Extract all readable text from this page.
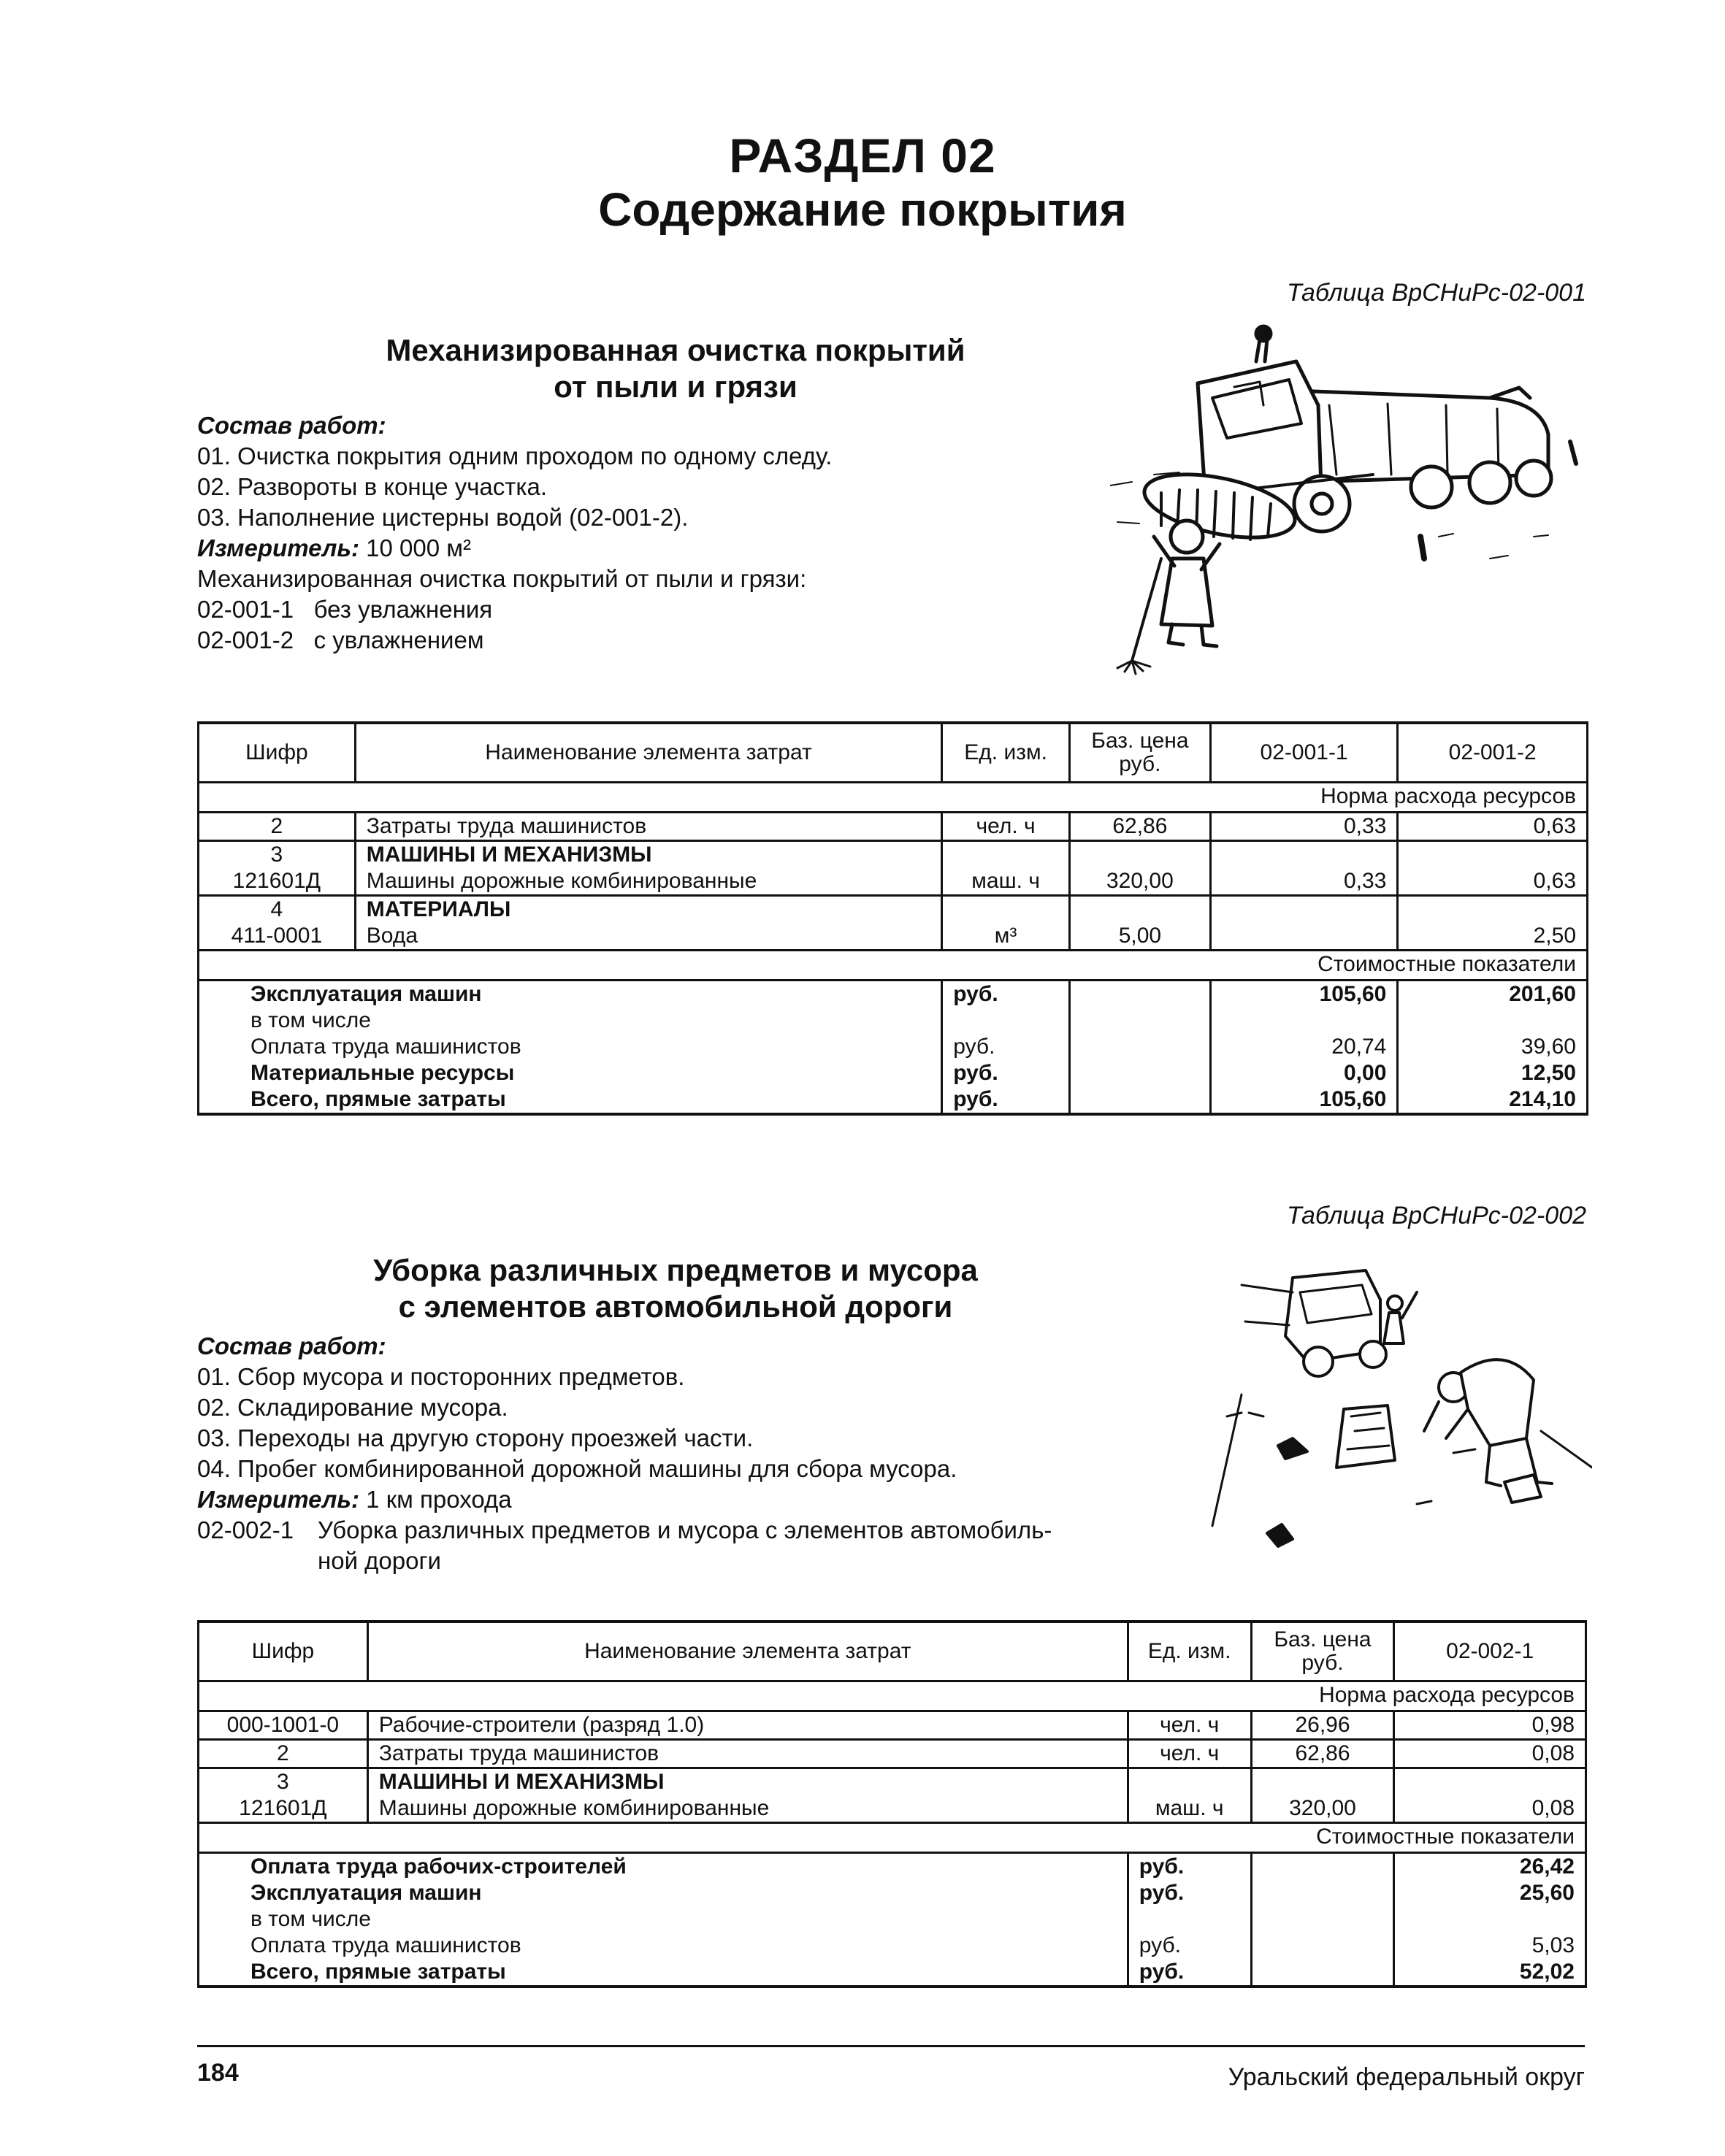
РАЗДЕЛ 02
Содержание покрытия
Таблица ВрСНиРс-02-001
Механизированная очистка покрытий
от пыли и грязи
Состав работ:
01. Очистка покрытия одним проходом по одному следу.
02. Развороты в конце участка.
03. Наполнение цистерны водой (02-001-2).
Измеритель: 10 000 м²
Механизированная очистка покрытий от пыли и грязи:
02-001-1 без увлажнения
02-001-2 с увлажнением
Шифр	Наименование элемента затрат	Ед. изм.	Баз. цена руб.	02-001-1	02-001-2
Норма расхода ресурсов					
2	Затраты труда машинистов	чел. ч	62,86	0,33	0,63
3	МАШИНЫ И МЕХАНИЗМЫ				
121601Д	Машины дорожные комбинированные	маш. ч	320,00	0,33	0,63
4	МАТЕРИАЛЫ				
411-0001	Вода	м³	5,00		2,50
Стоимостные показатели					
Эксплуатация машин		руб.		105,60	201,60
в том числе					
Оплата труда машинистов		руб.		20,74	39,60
Материальные ресурсы		руб.		0,00	12,50
Всего, прямые затраты		руб.		105,60	214,10
Таблица ВрСНиРс-02-002
Уборка различных предметов и мусора
с элементов автомобильной дороги
Состав работ:
01. Сбор мусора и посторонних предметов.
02. Складирование мусора.
03. Переходы на другую сторону проезжей части.
04. Пробег комбинированной дорожной машины для сбора мусора.
Измеритель: 1 км прохода
02-002-1 Уборка различных предметов и мусора с элементов автомобиль-
ной дороги
Шифр	Наименование элемента затрат	Ед. изм.	Баз. цена руб.	02-002-1
Норма расхода ресурсов				
000-1001-0	Рабочие-строители (разряд 1.0)	чел. ч	26,96	0,98
2	Затраты труда машинистов	чел. ч	62,86	0,08
3	МАШИНЫ И МЕХАНИЗМЫ			
121601Д	Машины дорожные комбинированные	маш. ч	320,00	0,08
Стоимостные показатели				
Оплата труда рабочих-строителей		руб.		26,42
Эксплуатация машин		руб.		25,60
в том числе				
Оплата труда машинистов		руб.		5,03
Всего, прямые затраты		руб.		52,02
184	Уральский федеральный округ
